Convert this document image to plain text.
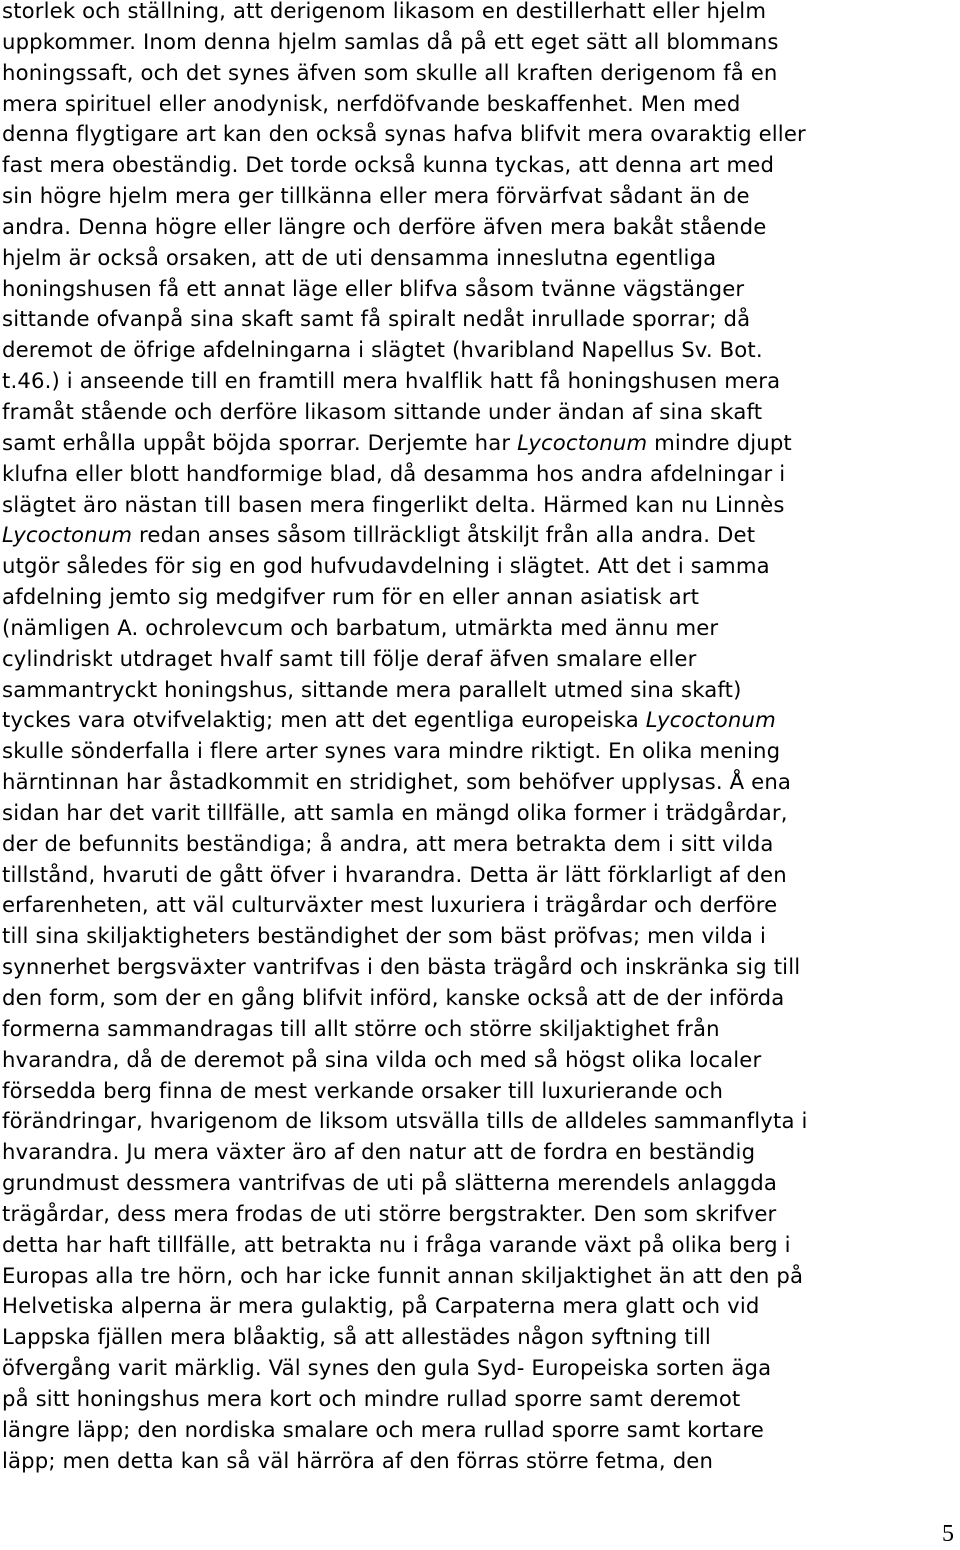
storlek och ställning, att derigenom likasom en destillerhatt eller hjelm
uppkommer. Inom denna hjelm samlas då på ett eget sätt all blommans
honingssaft, och det synes äfven som skulle all kraften derigenom få en
mera spirituel eller anodynisk, nerfdöfvande beskaffenhet. Men med
denna flygtigare art kan den också synas hafva blifvit mera ovaraktig eller
fast mera obeständig. Det torde också kunna tyckas, att denna art med
sin högre hjelm mera ger tillkänna eller mera förvärfvat sådant än de
andra. Denna högre eller längre och derföre äfven mera bakåt stående
hjelm är också orsaken, att de uti densamma inneslutna egentliga
honingshusen få ett annat läge eller blifva såsom tvänne vägstänger
sittande ofvanpå sina skaft samt få spiralt nedåt inrullade sporrar; då
deremot de öfrige afdelningarna i slägtet (hvaribland Napellus Sv. Bot.
t.46.) i anseende till en framtill mera hvalflik hatt få honingshusen mera
framåt stående och derföre likasom sittande under ändan af sina skaft
samt erhålla uppåt böjda sporrar. Derjemte har Lycoctonum mindre djupt
klufna eller blott handformige blad, då desamma hos andra afdelningar i
slägtet äro nästan till basen mera fingerlikt delta. Härmed kan nu Linnès
Lycoctonum redan anses såsom tillräckligt åtskiljt från alla andra. Det
utgör således för sig en god hufvudavdelning i slägtet. Att det i samma
afdelning jemto sig medgifver rum för en eller annan asiatisk art
(nämligen A. ochrolevcum och barbatum, utmärkta med ännu mer
cylindriskt utdraget hvalf samt till följe deraf äfven smalare eller
sammantryckt honingshus, sittande mera parallelt utmed sina skaft)
tyckes vara otvifvelaktig; men att det egentliga europeiska Lycoctonum
skulle sönderfalla i flere arter synes vara mindre riktigt. En olika mening
härntinnan har åstadkommit en stridighet, som behöfver upplysas. Å ena
sidan har det varit tillfälle, att samla en mängd olika former i trädgårdar,
der de befunnits beständiga; å andra, att mera betrakta dem i sitt vilda
tillstånd, hvaruti de gått öfver i hvarandra. Detta är lätt förklarligt af den
erfarenheten, att väl culturväxter mest luxuriera i trägårdar och derföre
till sina skiljaktigheters beständighet der som bäst pröfvas; men vilda i
synnerhet bergsväxter vantrifvas i den bästa trägård och inskränka sig till
den form, som der en gång blifvit införd, kanske också att de der införda
formerna sammandragas till allt större och större skiljaktighet från
hvarandra, då de deremot på sina vilda och med så högst olika localer
försedda berg finna de mest verkande orsaker till luxurierande och
förändringar, hvarigenom de liksom utsvälla tills de alldeles sammanflyta i
hvarandra. Ju mera växter äro af den natur att de fordra en beständig
grundmust dessmera vantrifvas de uti på slätterna merendels anlaggda
trägårdar, dess mera frodas de uti större bergstrakter. Den som skrifver
detta har haft tillfälle, att betrakta nu i fråga varande växt på olika berg i
Europas alla tre hörn, och har icke funnit annan skiljaktighet än att den på
Helvetiska alperna är mera gulaktig, på Carpaterna mera glatt och vid
Lappska fjällen mera blåaktig, så att allestädes någon syftning till
öfvergång varit märklig. Väl synes den gula Syd- Europeiska sorten äga
på sitt honingshus mera kort och mindre rullad sporre samt deremot
längre läpp; den nordiska smalare och mera rullad sporre samt kortare
läpp; men detta kan så väl härröra af den förras större fetma, den
5
